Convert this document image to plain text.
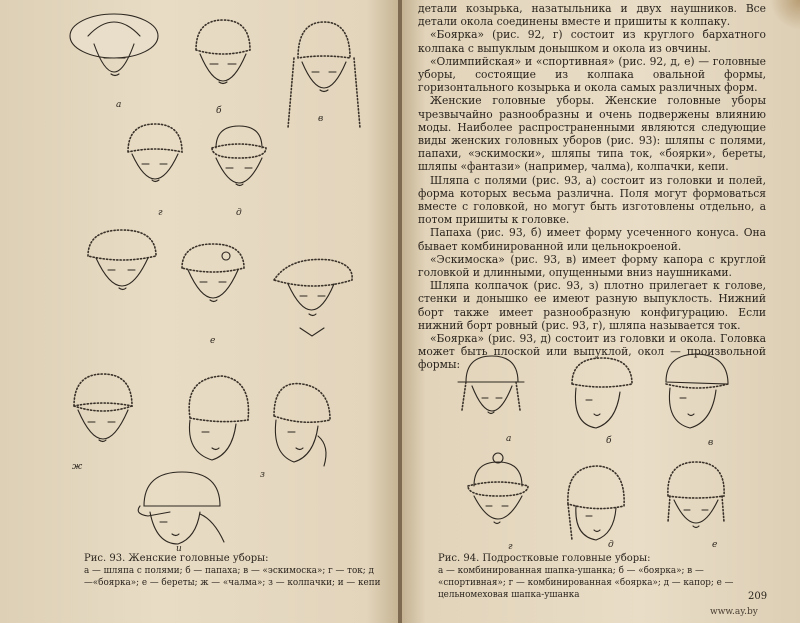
а
б
в
г	д
е
ж
з
и
Рис. 93. Женские головные уборы:
а — шляпа с полями; б — папаха; в — «эскимоска»; г — ток; д—«боярка»; е — береты; ж — «чалма»; з — колпачки; и — кепи

детали козырька, назатыльника и двух наушников. Все детали окола соединены вместе и пришиты к колпаку.

«Боярка» (рис. 92, г) состоит из круглого бархатного колпака с выпуклым донышком и окола из овчины.

«Олимпийская» и «спортивная» (рис. 92, д, е) — головные уборы, состоящие из колпака овальной формы, горизонтального козырька и окола самых различных форм.

Женские головные уборы. Женские головные уборы чрезвычайно разнообразны и очень подвержены влиянию моды. Наиболее распространенными являются следующие виды женских головных уборов (рис. 93): шляпы с полями, папахи, «эскимоски», шляпы типа ток, «боярки», береты, шляпы «фантази» (например, чалма), колпачки, кепи.

Шляпа с полями (рис. 93, а) состоит из головки и полей, форма которых весьма различна. Поля могут формоваться вместе с головкой, но могут быть изготовлены отдельно, а потом пришиты к головке.

Папаха (рис. 93, б) имеет форму усеченного конуса. Она бывает комбинированной или цельнокроеной.

«Эскимоска» (рис. 93, в) имеет форму капора с круглой головкой и длинными, опущенными вниз наушниками.

Шляпа колпачок (рис. 93, з) плотно прилегает к голове, стенки и донышко ее имеют разную выпуклость. Нижний борт также имеет разнообразную конфигурацию. Если нижний борт ровный (рис. 93, г), шляпа называется ток.

«Боярка» (рис. 93, д) состоит из головки и окола. Головка может быть плоской или выпуклой, окол — произвольной формы:

а	б	в
г	д	е
Рис. 94. Подростковые головные уборы:
а — комбинированная шапка-ушанка; б — «боярка»; в — «спортивная»; г — комбинированная «боярка»; д — капор; е — цельномеховая шапка-ушанка	209
www.ay.by
